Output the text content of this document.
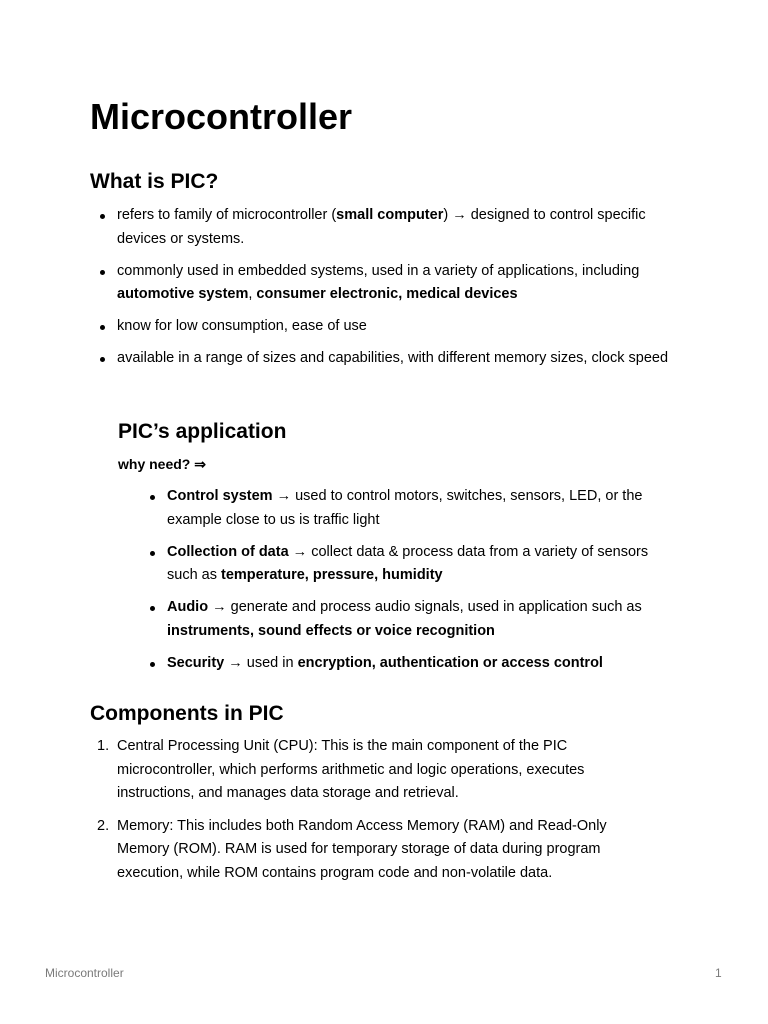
Microcontroller
What is PIC?
refers to family of microcontroller (small computer) → designed to control specific devices or systems.
commonly used in embedded systems, used in a variety of applications, including automotive system, consumer electronic, medical devices
know for low consumption, ease of use
available in a range of sizes and capabilities, with different memory sizes, clock speed
PIC’s application

why need? ⇒

Control system → used to control motors, switches, sensors, LED, or the example close to us is traffic light
Collection of data → collect data & process data from a variety of sensors such as temperature, pressure, humidity
Audio → generate and process audio signals, used in application such as instruments, sound effects or voice recognition
Security → used in encryption, authentication or access control
Components in PIC
1. Central Processing Unit (CPU): This is the main component of the PIC microcontroller, which performs arithmetic and logic operations, executes instructions, and manages data storage and retrieval.
2. Memory: This includes both Random Access Memory (RAM) and Read-Only Memory (ROM). RAM is used for temporary storage of data during program execution, while ROM contains program code and non-volatile data.
Microcontroller	1
